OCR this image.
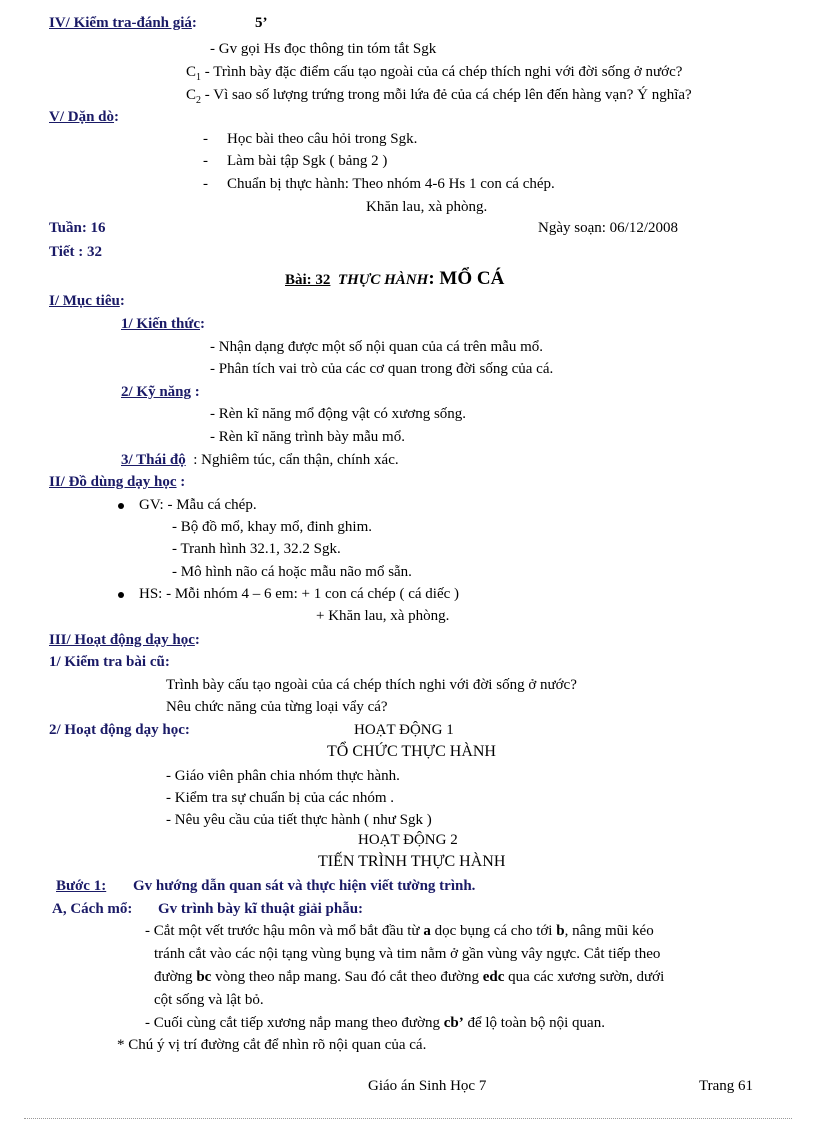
IV/ Kiểm tra-đánh giá:	5’
- Gv gọi Hs đọc thông tin tóm tắt Sgk
$C_1$ - Trình bày đặc điểm cấu tạo ngoài của cá chép thích nghi với đời sống ở nước?
$C_2$ - Vì sao số lượng trứng trong mỗi lứa đẻ của cá chép lên đến hàng vạn? Ý nghĩa?
V/ Dặn dò:
- Học bài theo câu hỏi trong Sgk.
- Làm bài tập Sgk ( bảng 2 )
- Chuẩn bị thực hành: Theo nhóm 4-6 Hs 1 con cá chép.
Khăn lau, xà phòng.
Tuần: 16	Ngày soạn: 06/12/2008
Tiết : 32
Bài: 32 THỰC HÀNH: MỔ CÁ
I/ Mục tiêu:
1/ Kiến thức:
- Nhận dạng được một số nội quan của cá trên mẫu mổ.
- Phân tích vai trò của các cơ quan trong đời sống của cá.
2/ Kỹ năng :
- Rèn kĩ năng mổ động vật có xương sống.
- Rèn kĩ năng trình bày mẫu mổ.
3/ Thái độ : Nghiêm túc, cẩn thận, chính xác.
II/ Đồ dùng dạy học :
GV: - Mẫu cá chép.
- Bộ đồ mổ, khay mổ, đinh ghim.
- Tranh hình 32.1, 32.2 Sgk.
- Mô hình não cá hoặc mẫu não mổ sẵn.
HS: - Mỗi nhóm 4 – 6 em: + 1 con cá chép ( cá diếc )
+ Khăn lau, xà phòng.
III/ Hoạt động dạy học:
1/ Kiểm tra bài cũ:
Trình bày cấu tạo ngoài của cá chép thích nghi với đời sống ở nước?
Nêu chức năng của từng loại vẩy cá?
2/ Hoạt động dạy học:	HOẠT ĐỘNG 1
TỔ CHỨC THỰC HÀNH
- Giáo viên phân chia nhóm thực hành.
- Kiểm tra sự chuẩn bị của các nhóm .
- Nêu yêu cầu của tiết thực hành ( như Sgk )
HOẠT ĐỘNG 2
TIẾN TRÌNH THỰC HÀNH
Bước 1: Gv hướng dẫn quan sát và thực hiện viết tường trình.
A, Cách mổ: Gv trình bày kĩ thuật giải phẫu:
- Cắt một vết trước hậu môn và mổ bắt đầu từ a dọc bụng cá cho tới b, nâng mũi kéo
tránh cắt vào các nội tạng vùng bụng và tim nằm ở gần vùng vây ngực. Cắt tiếp theo
đường bc vòng theo nắp mang. Sau đó cắt theo đường edc qua các xương sườn, dưới
cột sống và lật bỏ.
- Cuối cùng cắt tiếp xương nắp mang theo đường cb’ để lộ toàn bộ nội quan.
* Chú ý vị trí đường cắt để nhìn rõ nội quan của cá.
Giáo án Sinh Học 7	Trang 61
